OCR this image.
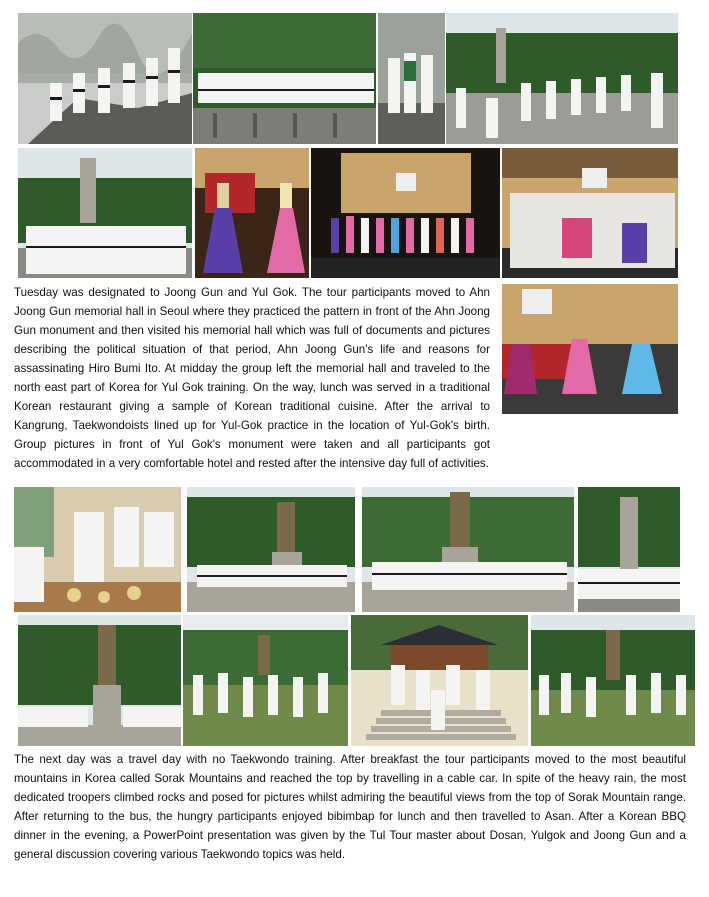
Tuesday was designated to Joong Gun and Yul Gok. The tour participants moved to Ahn Joong Gun memorial hall in Seoul where they practiced the pattern in front of the Ahn Joong Gun monument and then visited his memorial hall which was full of documents and pictures describing the political situation of that period, Ahn Joong Gun's life and reasons for assassinating Hiro Bumi Ito. At midday the group left the memorial hall and traveled to the north east part of Korea for Yul Gok training. On the way, lunch was served in a traditional Korean restaurant giving a sample of Korean traditional cuisine. After the arrival to Kangrung, Taekwondoists lined up for Yul-Gok practice in the location of Yul-Gok's birth. Group pictures in front of Yul Gok's monument were taken and all participants got accommodated in a very comfortable hotel and rested after the intensive day full of activities.

The next day was a travel day with no Taekwondo training. After breakfast the tour participants moved to the most beautiful mountains in Korea called Sorak Mountains and reached the top by travelling in a cable car. In spite of the heavy rain, the most dedicated troopers climbed rocks and posed for pictures whilst admiring the beautiful views from the top of Sorak Mountain range. After returning to the bus, the hungry participants enjoyed bibimbap for lunch and then travelled to Asan. After a Korean BBQ dinner in the evening, a PowerPoint presentation was given by the Tul Tour master about Dosan, Yulgok and Joong Gun and a general discussion covering various Taekwondo topics was held.
